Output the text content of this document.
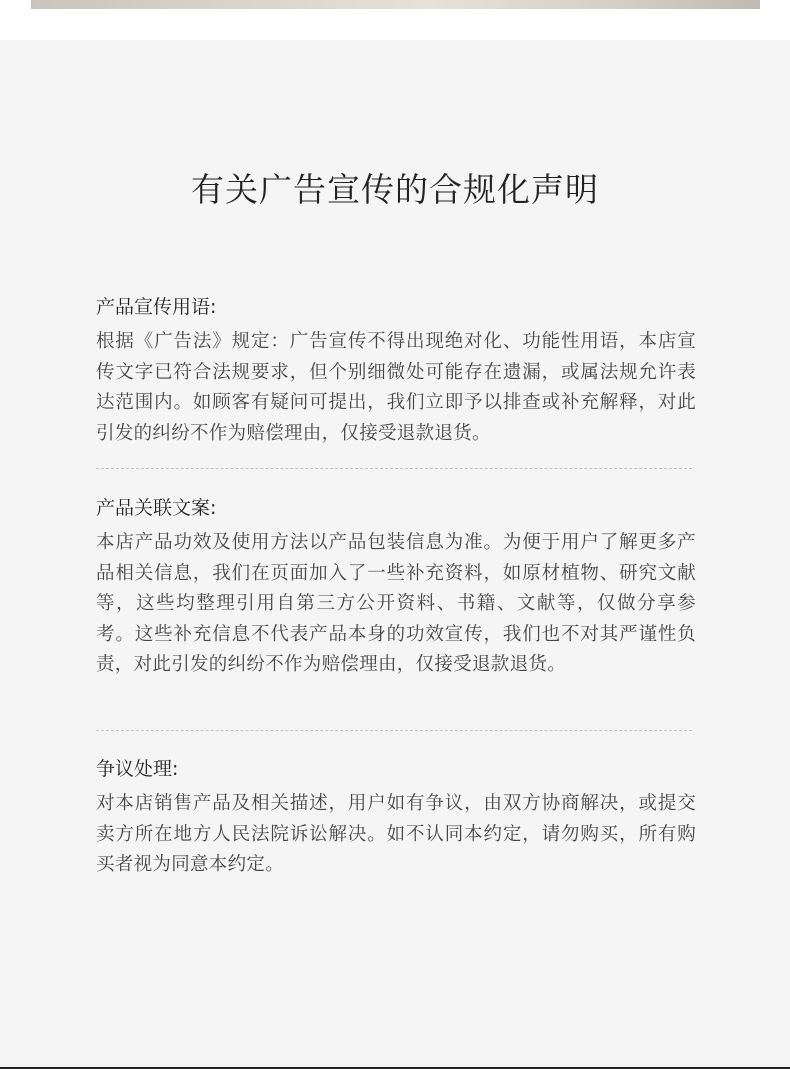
有关广告宣传的合规化声明
产品宣传用语:

根据《广告法》规定：广告宣传不得出现绝对化、功能性用语，本店宣传文字已符合法规要求，但个别细微处可能存在遗漏，或属法规允许表达范围内。如顾客有疑问可提出，我们立即予以排查或补充解释，对此引发的纠纷不作为赔偿理由，仅接受退款退货。

产品关联文案:

本店产品功效及使用方法以产品包装信息为准。为便于用户了解更多产品相关信息，我们在页面加入了一些补充资料，如原材植物、研究文献等，这些均整理引用自第三方公开资料、书籍、文献等，仅做分享参考。这些补充信息不代表产品本身的功效宣传，我们也不对其严谨性负责，对此引发的纠纷不作为赔偿理由，仅接受退款退货。

争议处理:

对本店销售产品及相关描述，用户如有争议，由双方协商解决，或提交卖方所在地方人民法院诉讼解决。如不认同本约定，请勿购买，所有购买者视为同意本约定。
